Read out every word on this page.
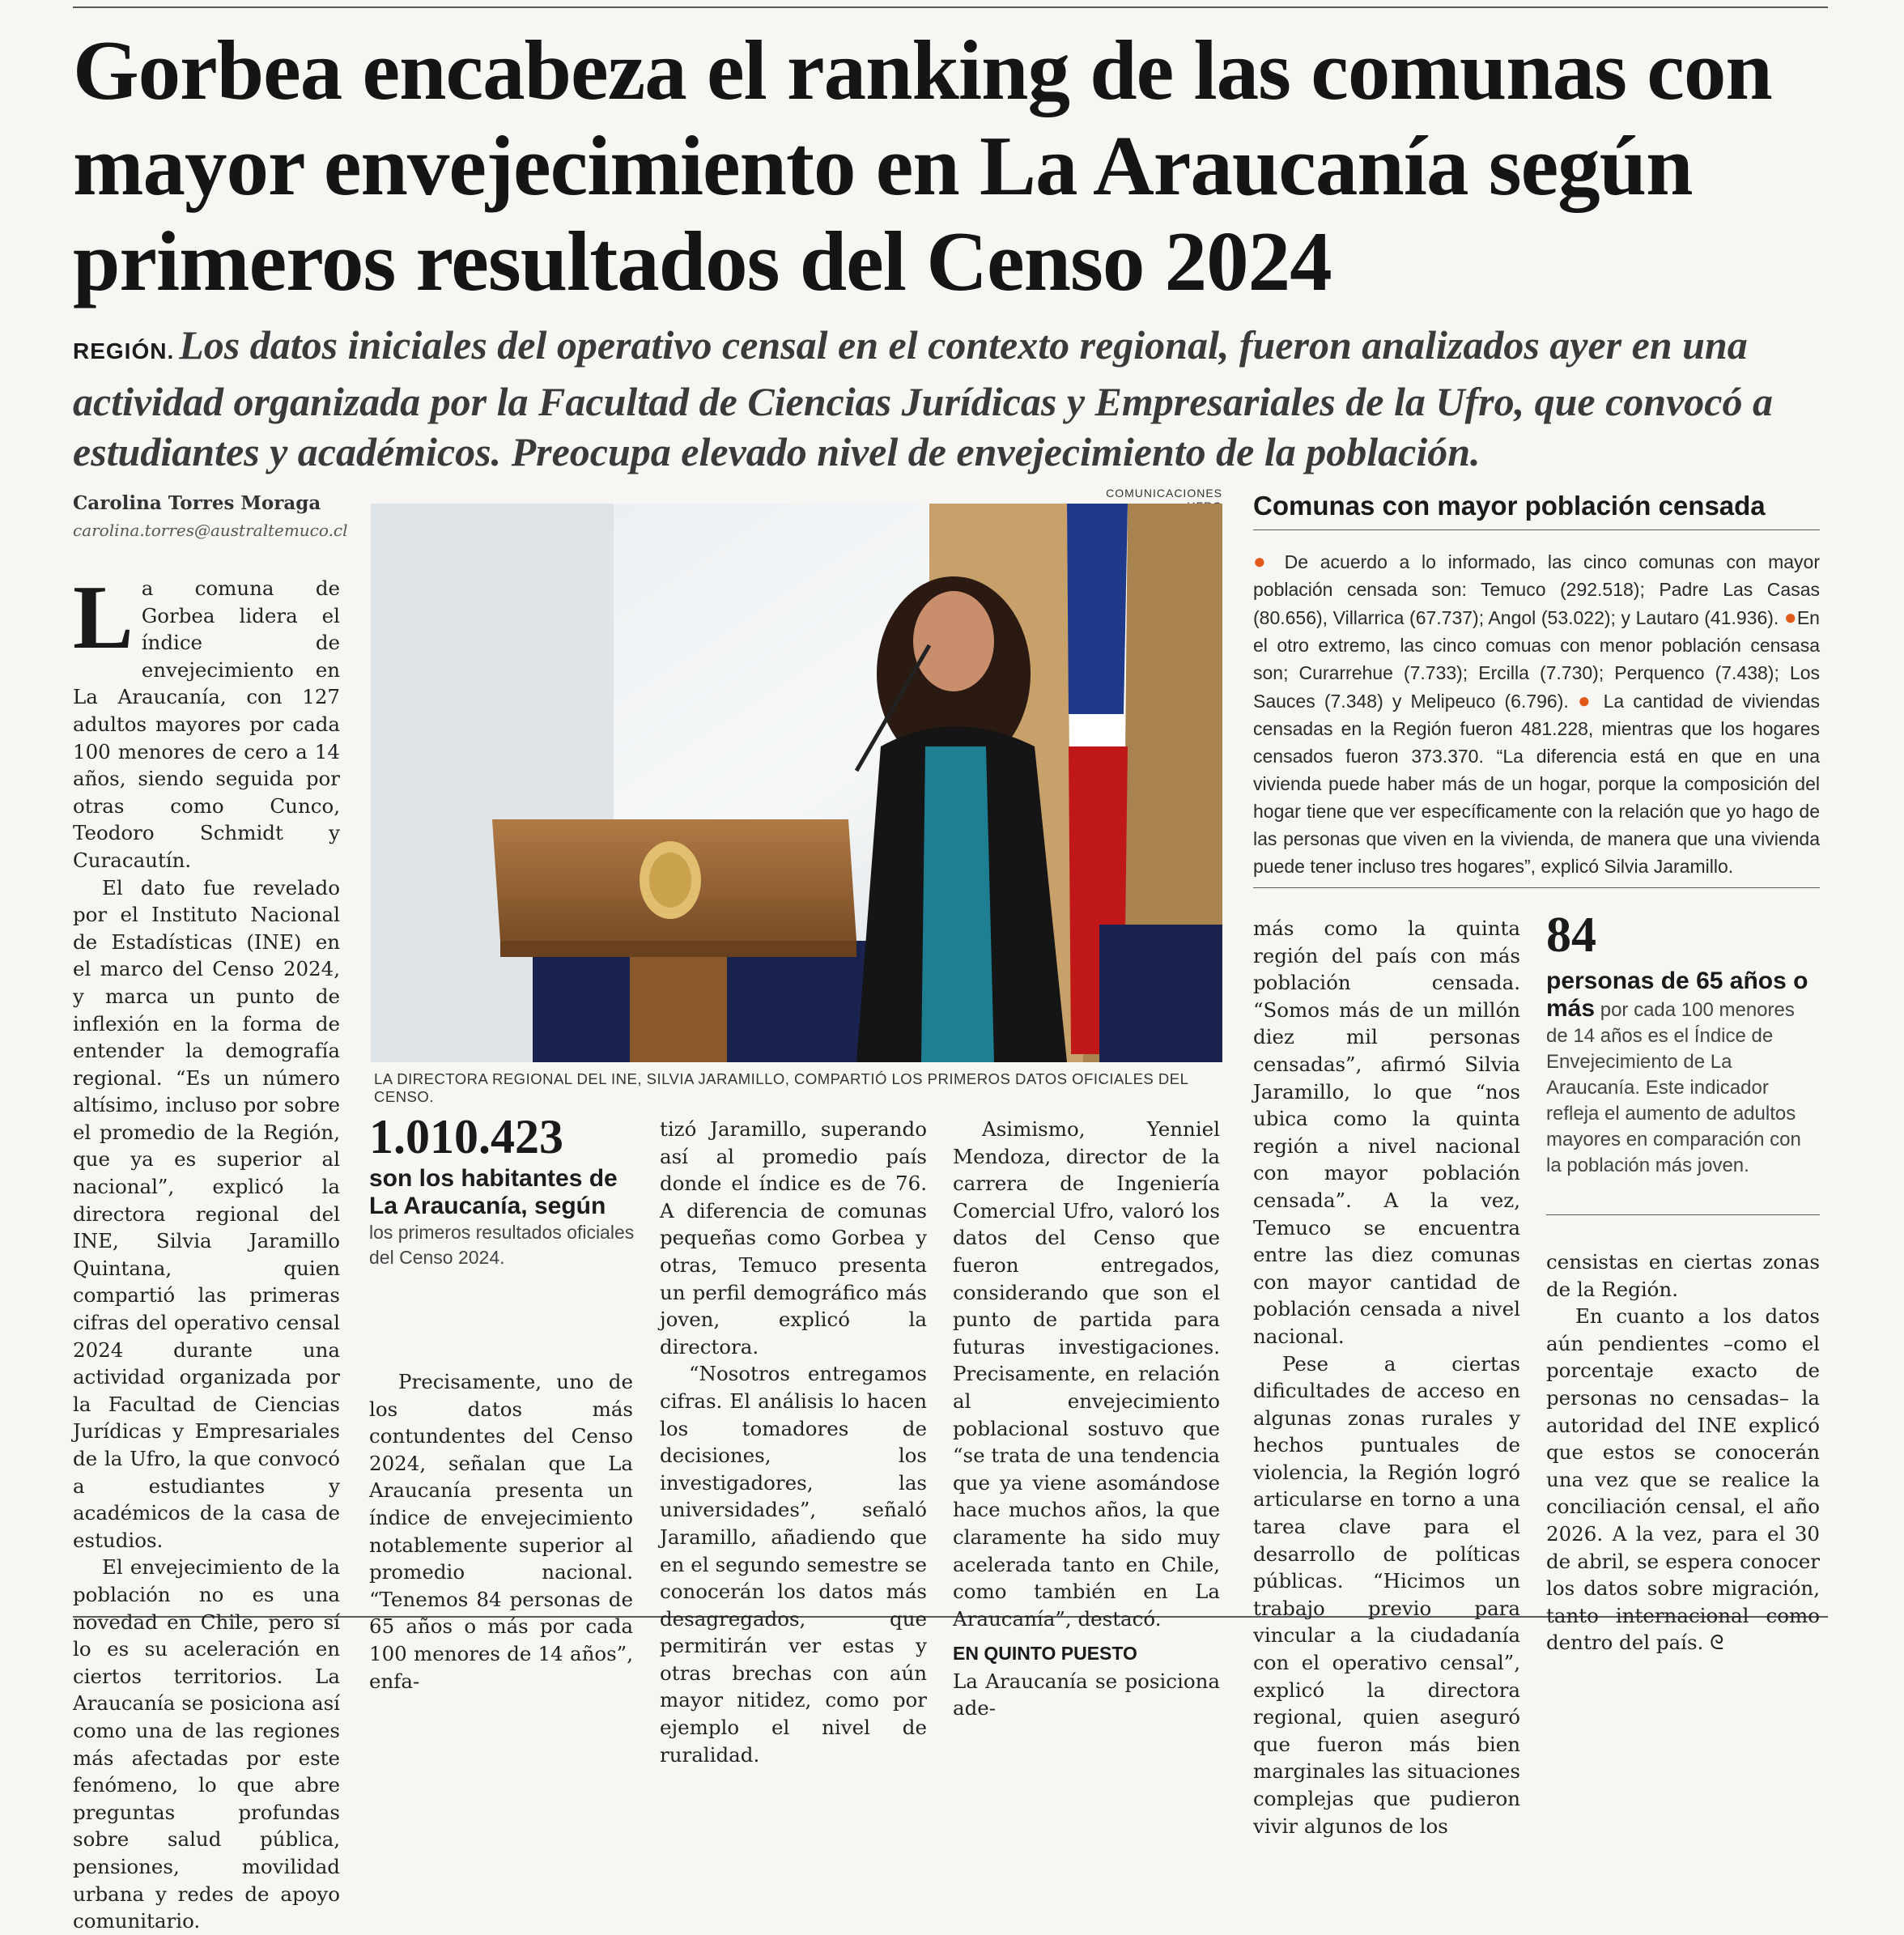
Gorbea encabeza el ranking de las comunas con mayor envejecimiento en La Araucanía según primeros resultados del Censo 2024
REGIÓN. Los datos iniciales del operativo censal en el contexto regional, fueron analizados ayer en una actividad organizada por la Facultad de Ciencias Jurídicas y Empresariales de la Ufro, que convocó a estudiantes y académicos. Preocupa elevado nivel de envejecimiento de la población.
Carolina Torres Moraga
carolina.torres@australtemuco.cl

La comuna de Gorbea lidera el índice de envejecimiento en La Araucanía, con 127 adultos mayores por cada 100 menores de cero a 14 años, siendo seguida por otras como Cunco, Teodoro Schmidt y Curacautín.

El dato fue revelado por el Instituto Nacional de Estadísticas (INE) en el marco del Censo 2024, y marca un punto de inflexión en la forma de entender la demografía regional. “Es un número altísimo, incluso por sobre el promedio de la Región, que ya es superior al nacional”, explicó la directora regional del INE, Silvia Jaramillo Quintana, quien compartió las primeras cifras del operativo censal 2024 durante una actividad organizada por la Facultad de Ciencias Jurídicas y Empresariales de la Ufro, la que convocó a estudiantes y académicos de la casa de estudios.

El envejecimiento de la población no es una novedad en Chile, pero sí lo es su aceleración en ciertos territorios. La Araucanía se posiciona así como una de las regiones más afectadas por este fenómeno, lo que abre preguntas profundas sobre salud pública, pensiones, movilidad urbana y redes de apoyo comunitario.

COMUNICACIONES
LA DIRECTORA REGIONAL DEL INE, SILVIA JARAMILLO, COMPARTIÓ LOS PRIMEROS DATOS OFICIALES DEL CENSO.
1.010.423
son los habitantes de La Araucanía, según
los primeros resultados oficiales del Censo 2024.

Precisamente, uno de los datos más contundentes del Censo 2024, señalan que La Araucanía presenta un índice de envejecimiento notablemente superior al promedio nacional. “Tenemos 84 personas de 65 años o más por cada 100 menores de 14 años”, enfa-

tizó Jaramillo, superando así al promedio país donde el índice es de 76. A diferencia de comunas pequeñas como Gorbea y otras, Temuco presenta un perfil demográfico más joven, explicó la directora.

“Nosotros entregamos cifras. El análisis lo hacen los tomadores de decisiones, los investigadores, las universidades”, señaló Jaramillo, añadiendo que en el segundo semestre se conocerán los datos más desagregados, que permitirán ver estas y otras brechas con aún mayor nitidez, como por ejemplo el nivel de ruralidad.

Asimismo, Yenniel Mendoza, director de la carrera de Ingeniería Comercial Ufro, valoró los datos del Censo que fueron entregados, considerando que son el punto de partida para futuras investigaciones. Precisamente, en relación al envejecimiento poblacional sostuvo que “se trata de una tendencia que ya viene asomándose hace muchos años, la que claramente ha sido muy acelerada tanto en Chile, como también en La Araucanía”, destacó.

EN QUINTO PUESTO

La Araucanía se posiciona ade-

Comunas con mayor población censada
● De acuerdo a lo informado, las cinco comunas con mayor población censada son: Temuco (292.518); Padre Las Casas (80.656), Villarrica (67.737); Angol (53.022); y Lautaro (41.936). ●En el otro extremo, las cinco comuas con menor población censasa son; Curarrehue (7.733); Ercilla (7.730); Perquenco (7.438); Los Sauces (7.348) y Melipeuco (6.796). ● La cantidad de viviendas censadas en la Región fueron 481.228, mientras que los hogares censados fueron 373.370. “La diferencia está en que en una vivienda puede haber más de un hogar, porque la composición del hogar tiene que ver específicamente con la relación que yo hago de las personas que viven en la vivienda, de manera que una vivienda puede tener incluso tres hogares”, explicó Silvia Jaramillo.

más como la quinta región del país con más población censada. “Somos más de un millón diez mil personas censadas”, afirmó Silvia Jaramillo, lo que “nos ubica como la quinta región a nivel nacional con mayor población censada”. A la vez, Temuco se encuentra entre las diez comunas con mayor cantidad de población censada a nivel nacional.

Pese a ciertas dificultades de acceso en algunas zonas rurales y hechos puntuales de violencia, la Región logró articularse en torno a una tarea clave para el desarrollo de políticas públicas. “Hicimos un trabajo previo para vincular a la ciudadanía con el operativo censal”, explicó la directora regional, quien aseguró que fueron más bien marginales las situaciones complejas que pudieron vivir algunos de los

84
personas de 65 años o más por cada 100 menores de 14 años es el Índice de Envejecimiento de La Araucanía. Este indicador refleja el aumento de adultos mayores en comparación con la población más joven.

censistas en ciertas zonas de la Región.

En cuanto a los datos aún pendientes –como el porcentaje exacto de personas no censadas– la autoridad del INE explicó que estos se conocerán una vez que se realice la conciliación censal, el año 2026. A la vez, para el 30 de abril, se espera conocer los datos sobre migración, tanto internacional como dentro del país. ᘓ
